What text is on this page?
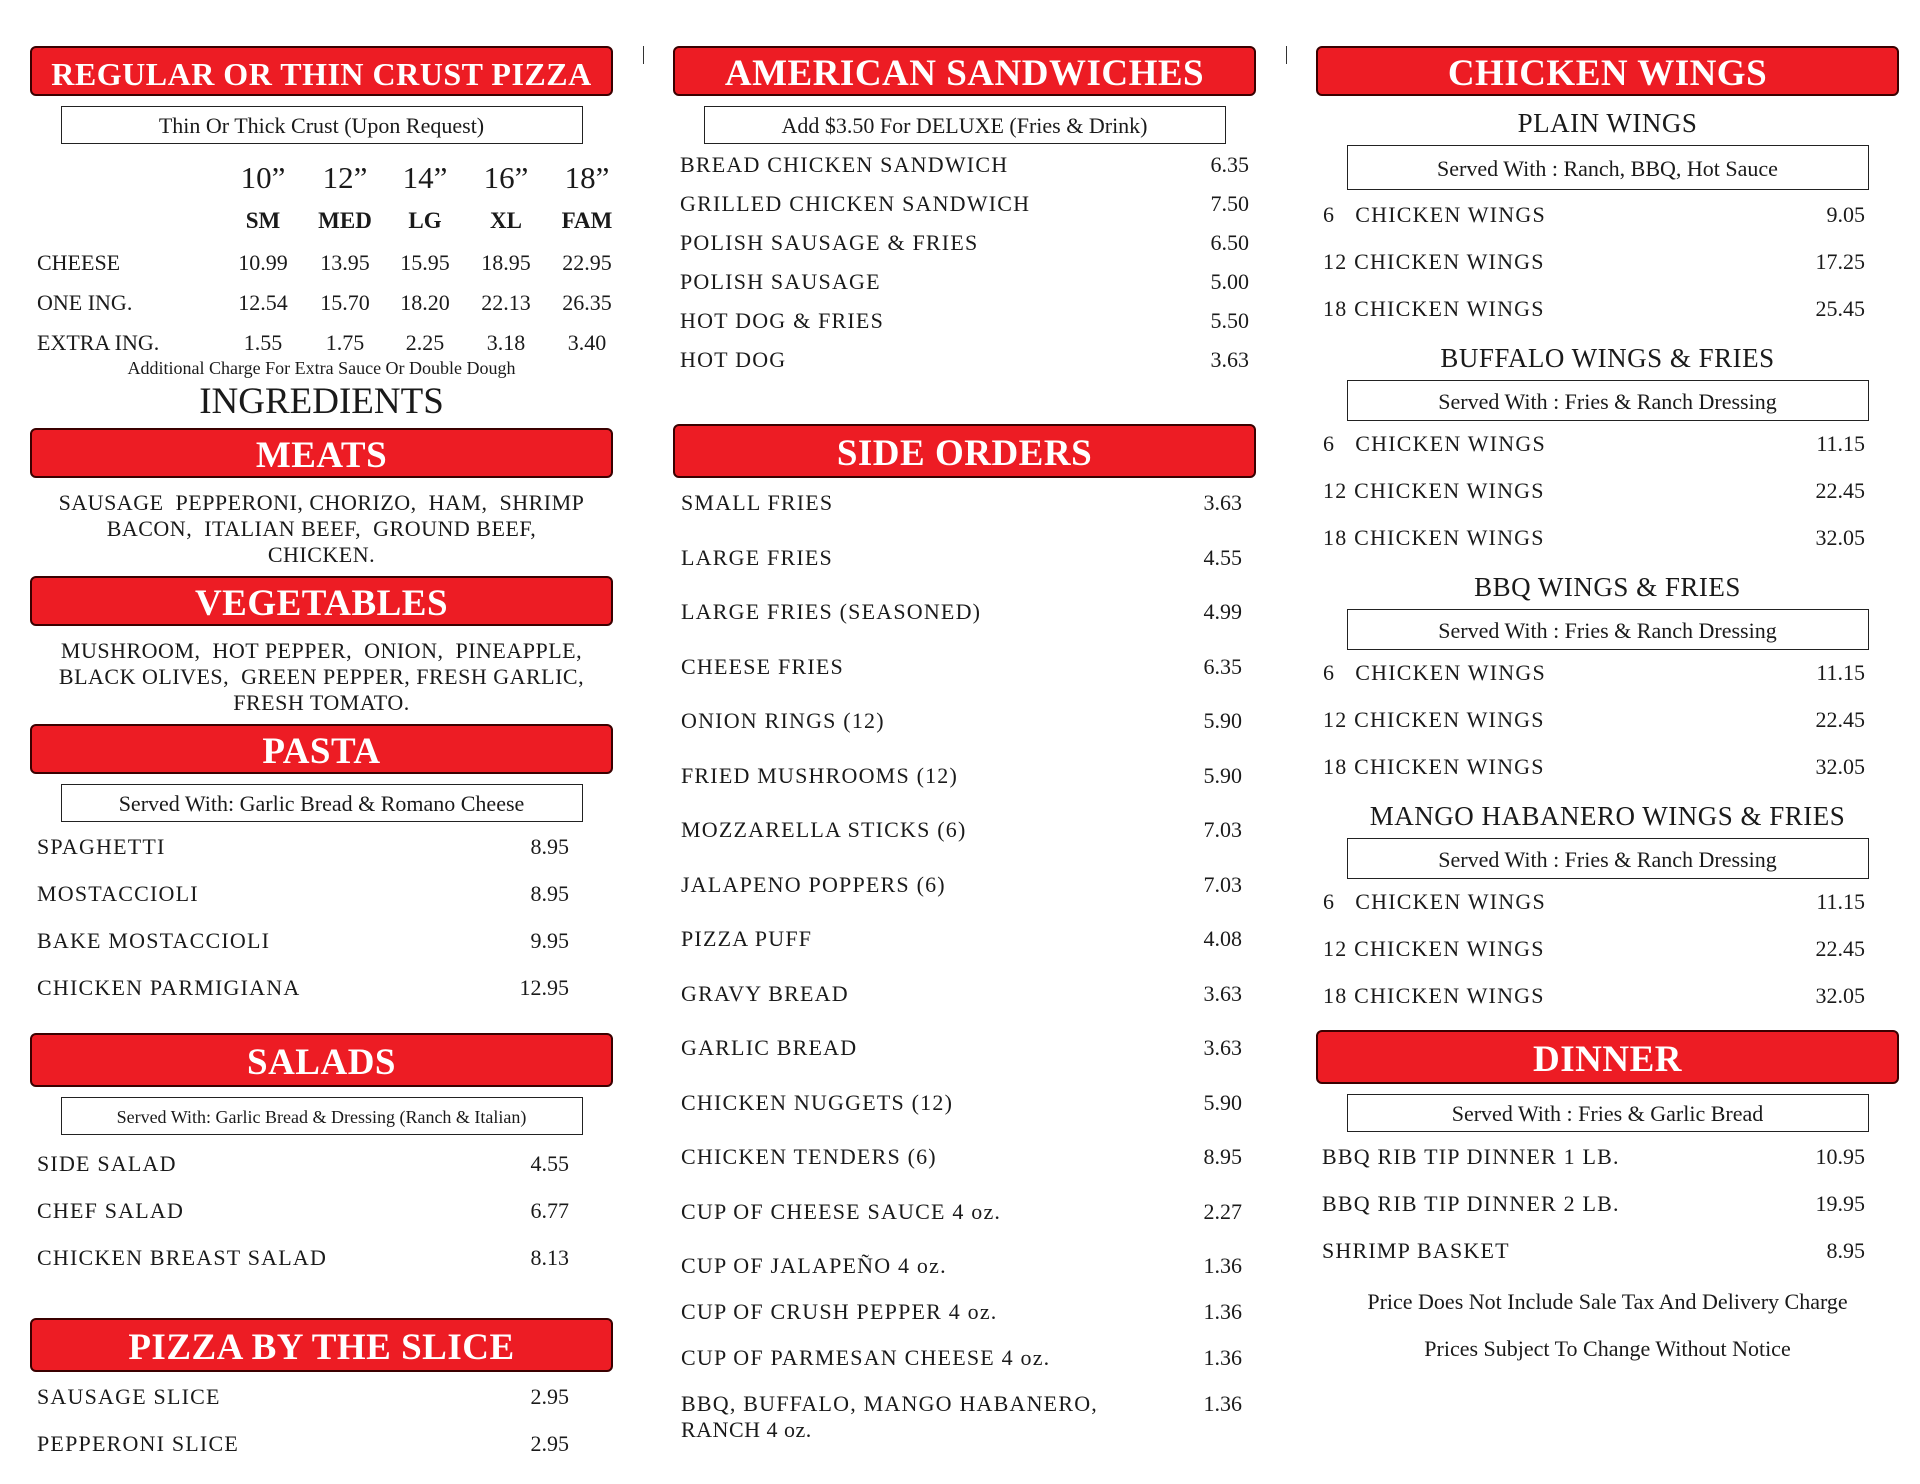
REGULAR OR THIN CRUST PIZZA
Thin Or Thick Crust (Upon Request)
10” 12” 14” 16” 18”
SM	MED	LG	XL	FAM
CHEESE	10.99	13.95	15.95	18.95	22.95
ONE ING.	12.54	15.70	18.20	22.13	26.35
EXTRA ING.	1.55	1.75	2.25	3.18	3.40
Additional Charge For Extra Sauce Or Double Dough
INGREDIENTS
MEATS
SAUSAGE  PEPPERONI, CHORIZO,  HAM,  SHRIMP
BACON,  ITALIAN BEEF,  GROUND BEEF,
CHICKEN.
VEGETABLES
MUSHROOM,  HOT PEPPER,  ONION,  PINEAPPLE,
BLACK OLIVES,  GREEN PEPPER, FRESH GARLIC,
FRESH TOMATO.
PASTA
Served With: Garlic Bread & Romano Cheese
SPAGHETTI	8.95
MOSTACCIOLI	8.95
BAKE MOSTACCIOLI	9.95
CHICKEN PARMIGIANA	12.95
SALADS
Served With: Garlic Bread & Dressing (Ranch & Italian)
SIDE SALAD	4.55
CHEF SALAD	6.77
CHICKEN BREAST SALAD	8.13
PIZZA BY THE SLICE
SAUSAGE SLICE	2.95
PEPPERONI SLICE	2.95
AMERICAN SANDWICHES
Add $3.50 For DELUXE (Fries & Drink)
BREAD CHICKEN SANDWICH	6.35
GRILLED CHICKEN SANDWICH	7.50
POLISH SAUSAGE & FRIES	6.50
POLISH SAUSAGE	5.00
HOT DOG & FRIES	5.50
HOT DOG	3.63
SIDE ORDERS
SMALL FRIES	3.63
LARGE FRIES	4.55
LARGE FRIES (SEASONED)	4.99
CHEESE FRIES	6.35
ONION RINGS (12)	5.90
FRIED MUSHROOMS (12)	5.90
MOZZARELLA STICKS (6)	7.03
JALAPENO POPPERS (6)	7.03
PIZZA PUFF	4.08
GRAVY BREAD	3.63
GARLIC BREAD	3.63
CHICKEN NUGGETS (12)	5.90
CHICKEN TENDERS (6)	8.95
CUP OF CHEESE SAUCE 4 oz.	2.27
CUP OF JALAPEÑO 4 oz.	1.36
CUP OF CRUSH PEPPER 4 oz.	1.36
CUP OF PARMESAN CHEESE 4 oz.	1.36
BBQ, BUFFALO, MANGO HABANERO,
RANCH 4 oz.
1.36
CHICKEN WINGS
PLAIN WINGS
Served With : Ranch, BBQ, Hot Sauce
6   CHICKEN WINGS	9.05
12 CHICKEN WINGS	17.25
18 CHICKEN WINGS	25.45
BUFFALO WINGS & FRIES
Served With : Fries & Ranch Dressing
6   CHICKEN WINGS	11.15
12 CHICKEN WINGS	22.45
18 CHICKEN WINGS	32.05
BBQ WINGS & FRIES
Served With : Fries & Ranch Dressing
6   CHICKEN WINGS	11.15
12 CHICKEN WINGS	22.45
18 CHICKEN WINGS	32.05
MANGO HABANERO WINGS & FRIES
Served With : Fries & Ranch Dressing
6   CHICKEN WINGS	11.15
12 CHICKEN WINGS	22.45
18 CHICKEN WINGS	32.05
DINNER
Served With : Fries & Garlic Bread
BBQ RIB TIP DINNER 1 LB.	10.95
BBQ RIB TIP DINNER 2 LB.	19.95
SHRIMP BASKET	8.95
Price Does Not Include Sale Tax And Delivery Charge
Prices Subject To Change Without Notice
